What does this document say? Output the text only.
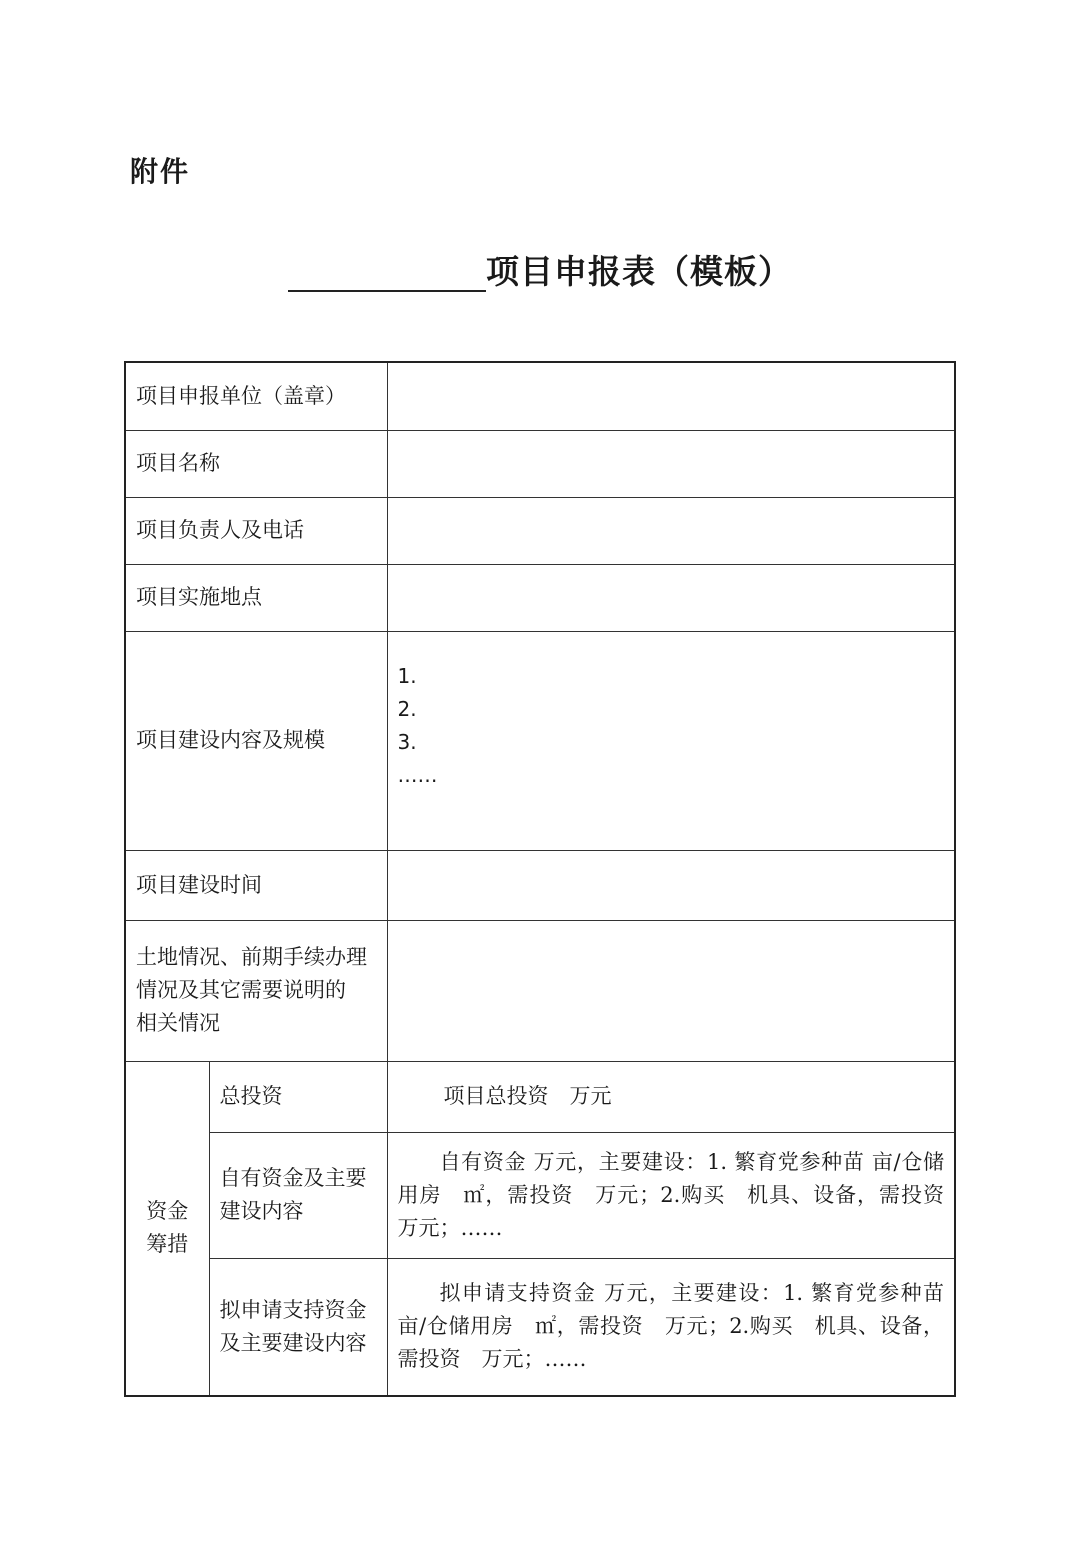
附件
项目申报表（模板）
项目申报单位（盖章）		
项目名称		
项目负责人及电话		
项目实施地点		
项目建设内容及规模		1.
2.
3.
……

项目建设时间		

土地情况、前期手续办理
情况及其它需要说明的
相关情况		

资金
筹措	总投资	项目总投资　万元

	自有资金及主要
建设内容	自有资金 万元，主要建设：1. 繁育党参种苗 亩/仓储用房　㎡，需投资　万元；2.购买　机具、设备，需投资　万元；……

	拟申请支持资金
及主要建设内容	拟申请支持资金 万元，主要建设：1. 繁育党参种苗 亩/仓储用房　㎡，需投资　万元；2.购买　机具、设备，需投资　万元；……
